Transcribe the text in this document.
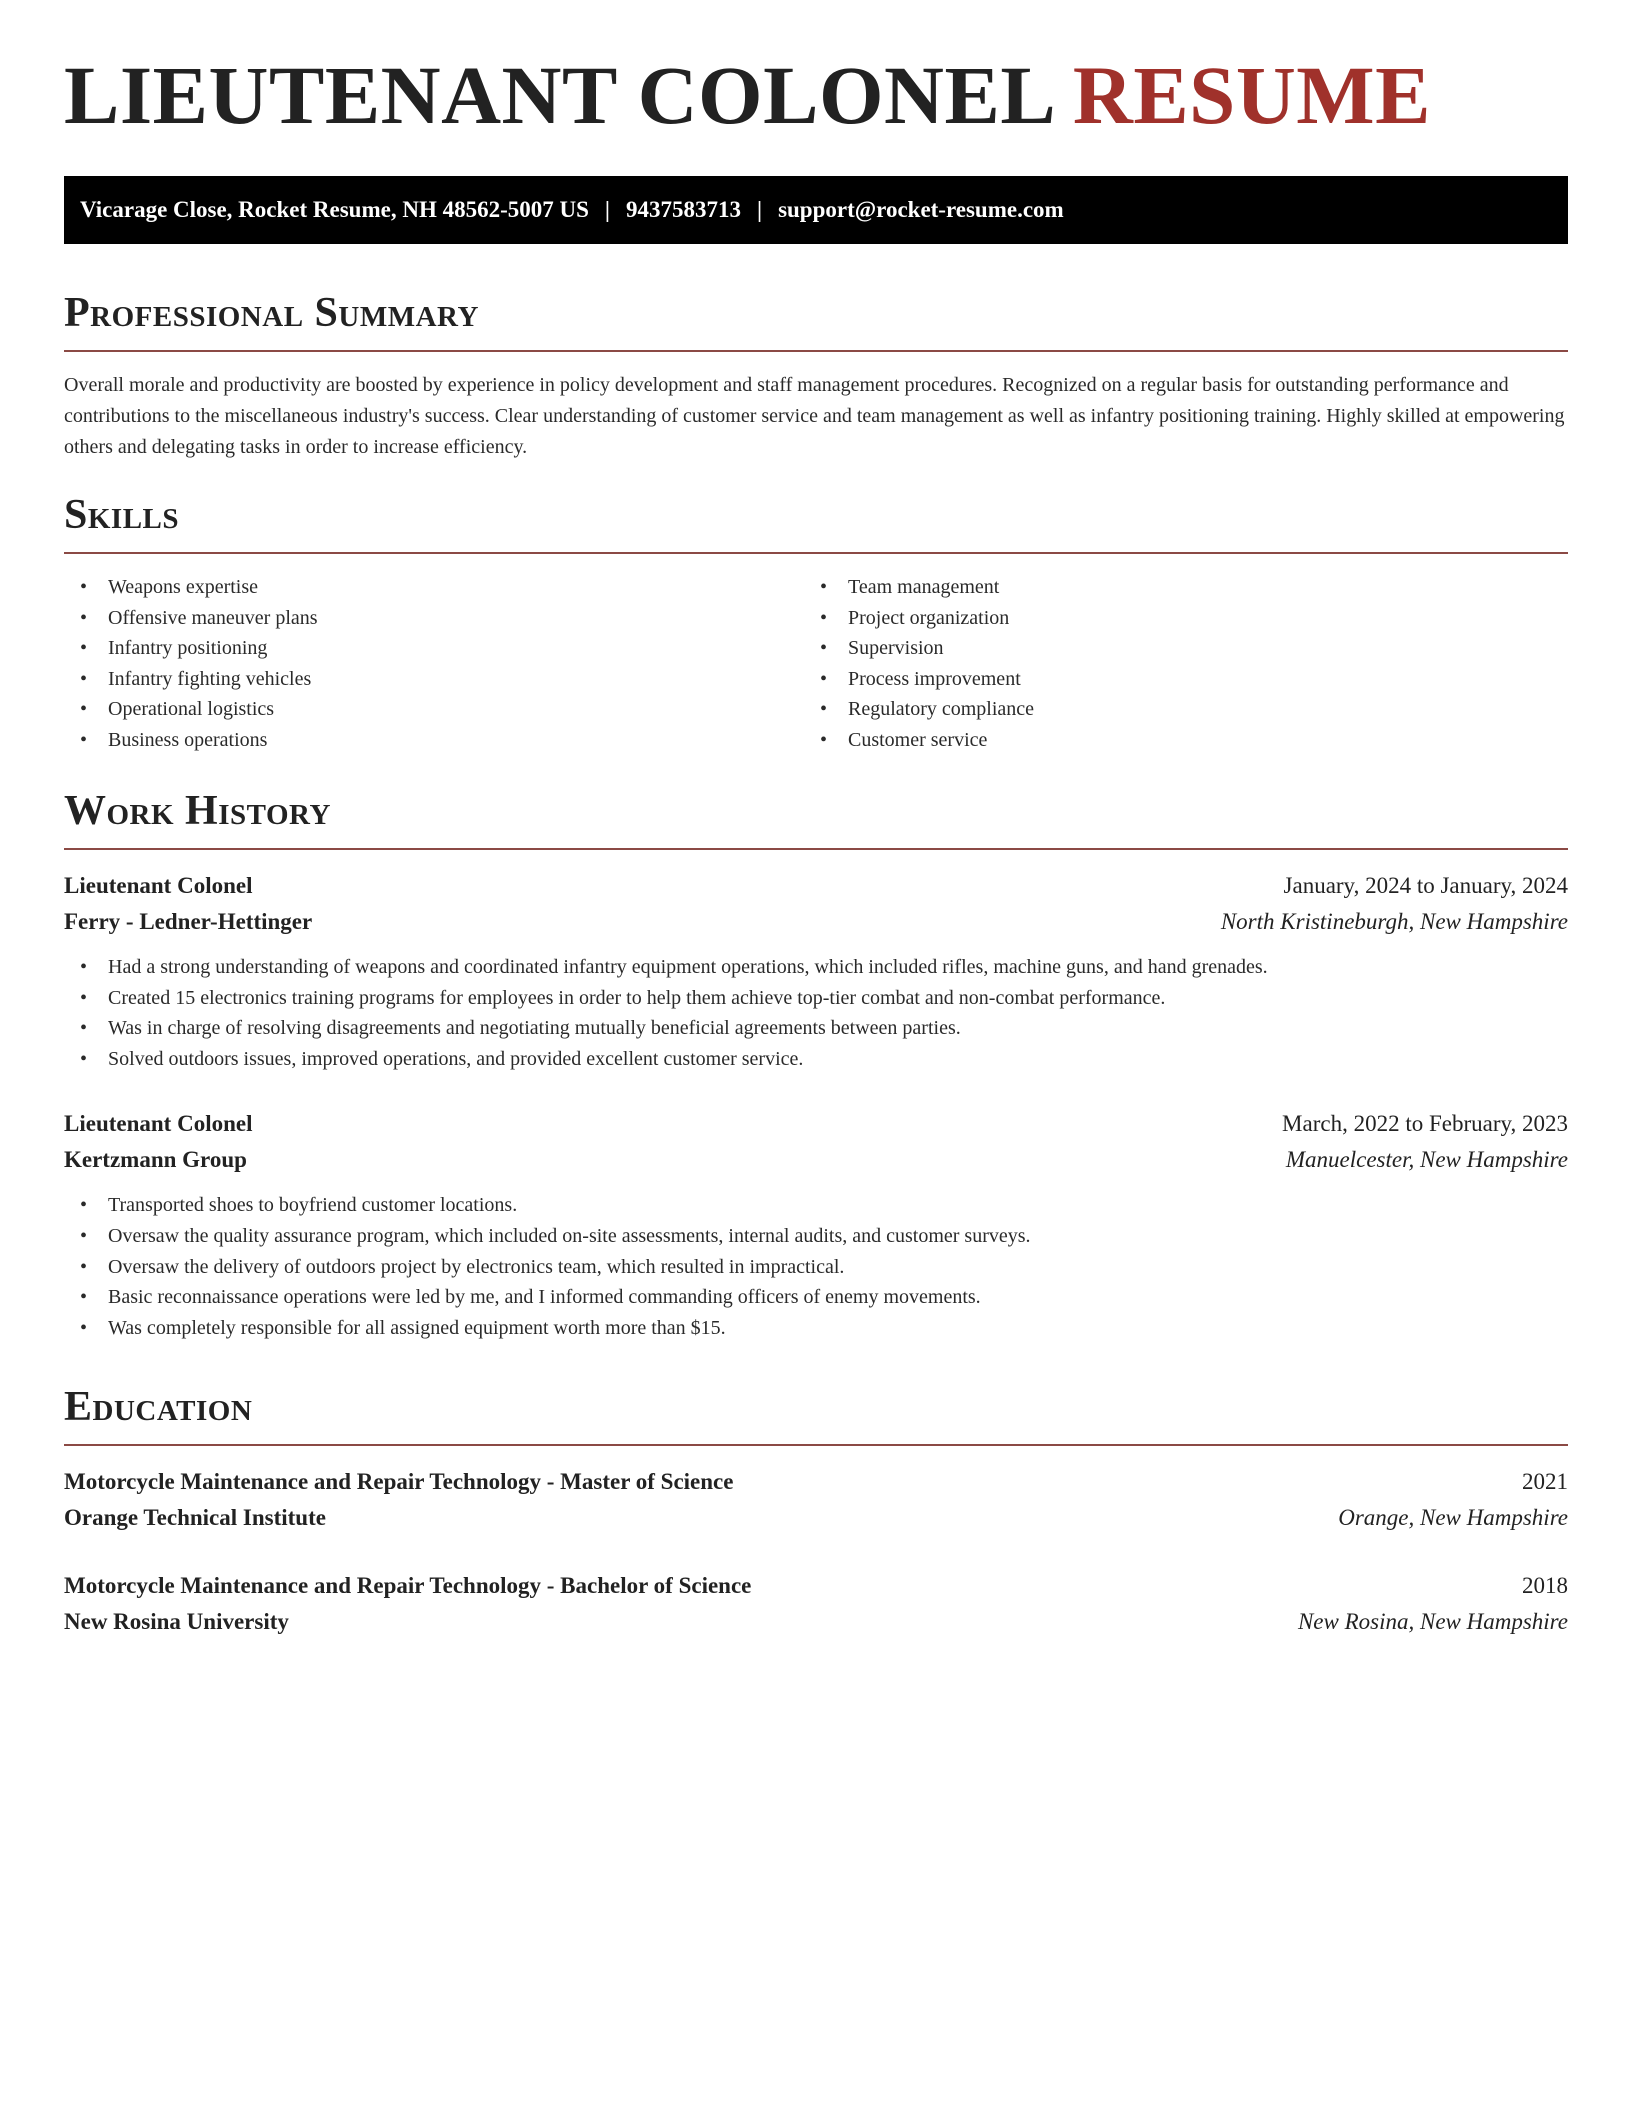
LIEUTENANT COLONEL RESUME
Vicarage Close, Rocket Resume, NH 48562-5007 US | 9437583713 | support@rocket-resume.com
Professional Summary

Overall morale and productivity are boosted by experience in policy development and staff management procedures. Recognized on a regular basis for outstanding performance and contributions to the miscellaneous industry's success. Clear understanding of customer service and team management as well as infantry positioning training. Highly skilled at empowering others and delegating tasks in order to increase efficiency.

Skills
• Weapons expertise
• Offensive maneuver plans
• Infantry positioning
• Infantry fighting vehicles
• Operational logistics
• Business operations
• Team management
• Project organization
• Supervision
• Process improvement
• Regulatory compliance
• Customer service
Work History
Lieutenant Colonel	January, 2024 to January, 2024
Ferry - Ledner-Hettinger	North Kristineburgh, New Hampshire
• Had a strong understanding of weapons and coordinated infantry equipment operations, which included rifles, machine guns, and hand grenades.
• Created 15 electronics training programs for employees in order to help them achieve top-tier combat and non-combat performance.
• Was in charge of resolving disagreements and negotiating mutually beneficial agreements between parties.
• Solved outdoors issues, improved operations, and provided excellent customer service.
Lieutenant Colonel	March, 2022 to February, 2023
Kertzmann Group	Manuelcester, New Hampshire
• Transported shoes to boyfriend customer locations.
• Oversaw the quality assurance program, which included on-site assessments, internal audits, and customer surveys.
• Oversaw the delivery of outdoors project by electronics team, which resulted in impractical.
• Basic reconnaissance operations were led by me, and I informed commanding officers of enemy movements.
• Was completely responsible for all assigned equipment worth more than $15.
Education
Motorcycle Maintenance and Repair Technology - Master of Science	2021
Orange Technical Institute	Orange, New Hampshire
Motorcycle Maintenance and Repair Technology - Bachelor of Science	2018
New Rosina University	New Rosina, New Hampshire
